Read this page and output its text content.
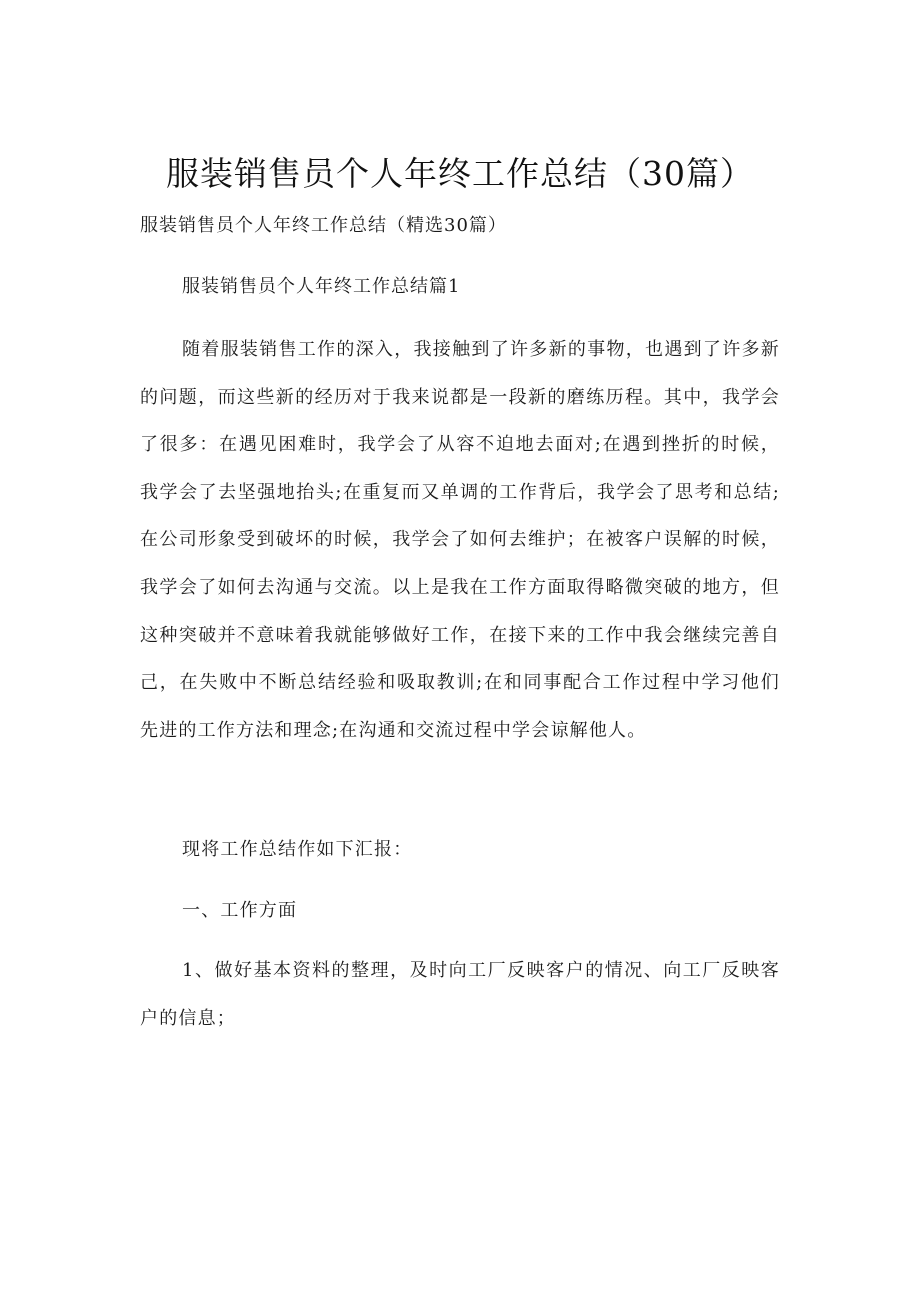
服装销售员个人年终工作总结（30篇）
服装销售员个人年终工作总结（精选30篇）
服装销售员个人年终工作总结篇1

随着服装销售工作的深入，我接触到了许多新的事物，也遇到了许多新的问题，而这些新的经历对于我来说都是一段新的磨练历程。其中，我学会了很多：在遇见困难时，我学会了从容不迫地去面对;在遇到挫折的时候，我学会了去坚强地抬头;在重复而又单调的工作背后，我学会了思考和总结;在公司形象受到破坏的时候，我学会了如何去维护；在被客户误解的时候，我学会了如何去沟通与交流。以上是我在工作方面取得略微突破的地方，但这种突破并不意味着我就能够做好工作，在接下来的工作中我会继续完善自己，在失败中不断总结经验和吸取教训;在和同事配合工作过程中学习他们先进的工作方法和理念;在沟通和交流过程中学会谅解他人。

现将工作总结作如下汇报：

一、工作方面

1、做好基本资料的整理，及时向工厂反映客户的情况、向工厂反映客户的信息；
